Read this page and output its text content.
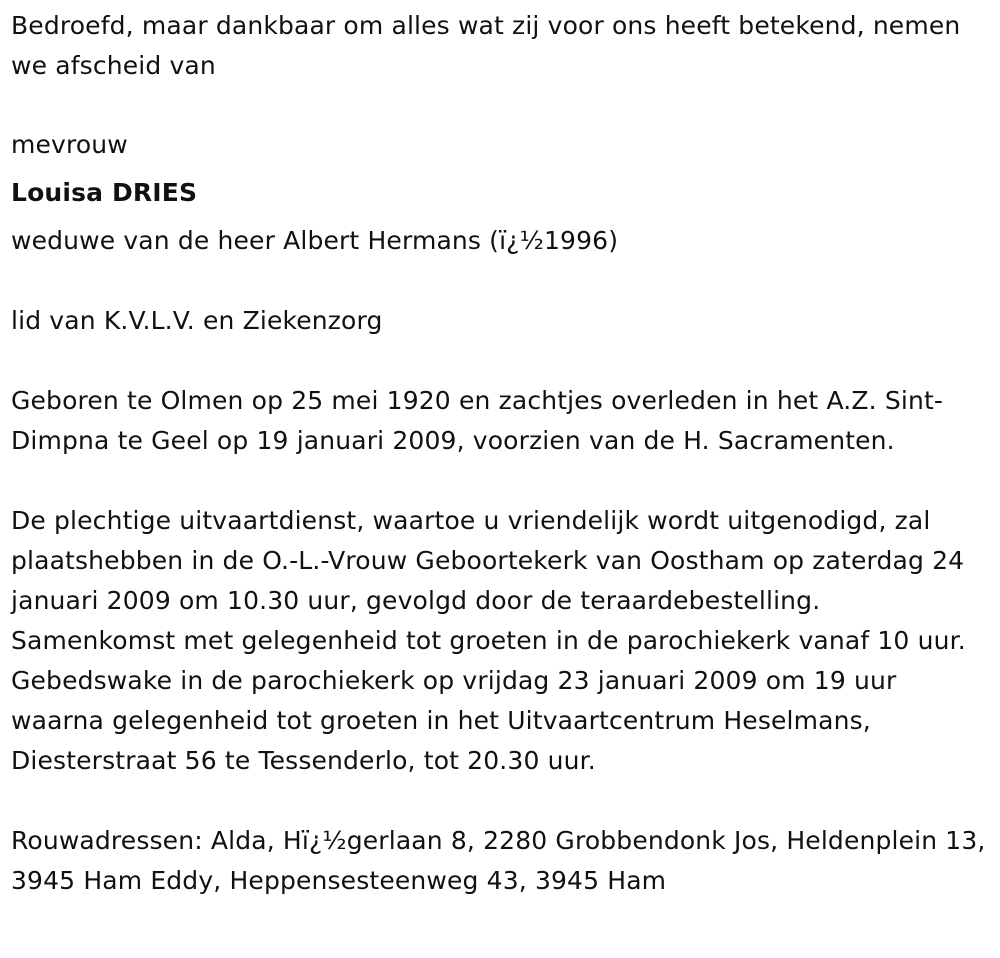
Bedroefd, maar dankbaar om alles wat zij voor ons heeft betekend, nemen we afscheid van

mevrouw

Louisa DRIES

weduwe van de heer Albert Hermans (ï¿½1996)

lid van K.V.L.V. en Ziekenzorg

Geboren te Olmen op 25 mei 1920 en zachtjes overleden in het A.Z. Sint-Dimpna te Geel op 19 januari 2009, voorzien van de H. Sacramenten.

De plechtige uitvaartdienst, waartoe u vriendelijk wordt uitgenodigd, zal plaatshebben in de O.-L.-Vrouw Geboortekerk van Oostham op zaterdag 24 januari 2009 om 10.30 uur, gevolgd door de teraardebestelling. Samenkomst met gelegenheid tot groeten in de parochiekerk vanaf 10 uur. Gebedswake in de parochiekerk op vrijdag 23 januari 2009 om 19 uur waarna gelegenheid tot groeten in het Uitvaartcentrum Heselmans, Diesterstraat 56 te Tessenderlo, tot 20.30 uur.

Rouwadressen: Alda, Hï¿½gerlaan 8, 2280 Grobbendonk Jos, Heldenplein 13, 3945 Ham Eddy, Heppensesteenweg 43, 3945 Ham
